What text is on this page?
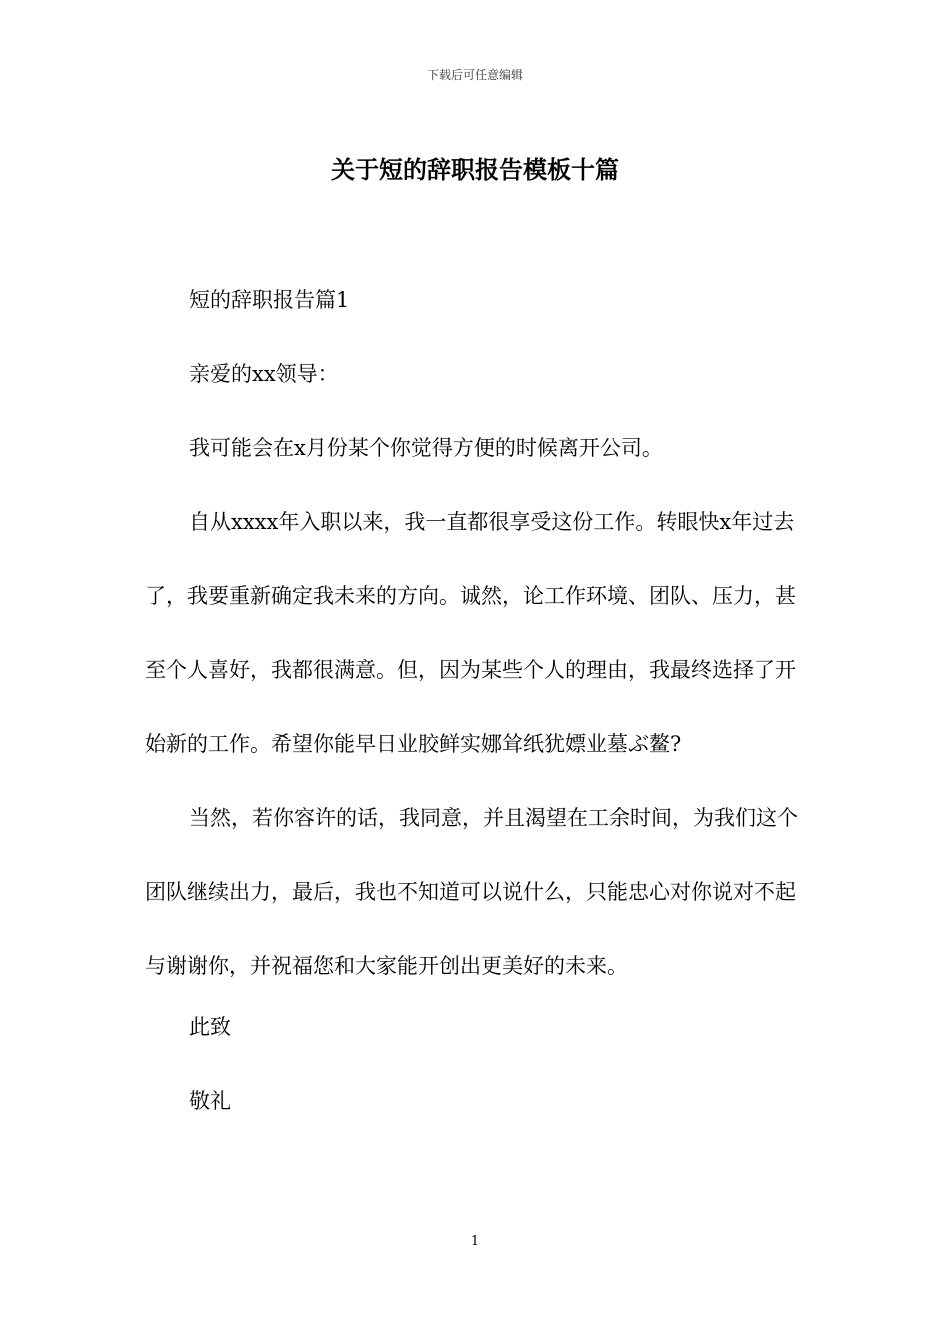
下载后可任意编辑
关于短的辞职报告模板十篇

短的辞职报告篇1

亲爱的xx领导：

我可能会在x月份某个你觉得方便的时候离开公司。

自从xxxx年入职以来，我一直都很享受这份工作。转眼快x年过去了，我要重新确定我未来的方向。诚然，论工作环境、团队、压力，甚至个人喜好，我都很满意。但，因为某些个人的理由，我最终选择了开始新的工作。希望你能早日业胶鲜实娜耸纸犹嫖业墓ぶ鳌?

当然，若你容许的话，我同意，并且渴望在工余时间，为我们这个团队继续出力，最后，我也不知道可以说什么，只能忠心对你说对不起与谢谢你，并祝福您和大家能开创出更美好的未来。

此致

敬礼

1
